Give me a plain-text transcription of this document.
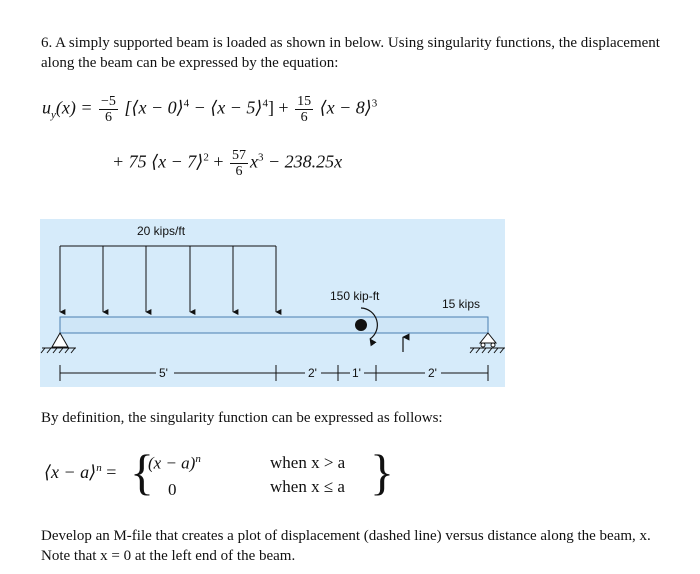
6. A simply supported beam is loaded as shown in below. Using singularity functions, the displacement along the beam can be expressed by the equation:
$u_y(x) = \frac{-5}{6}$ [⟨x − 0⟩$^4$ − ⟨x − 5⟩$^4$] + $\frac{15}{6}$ ⟨x − 8⟩$^3$
+ 75 ⟨x − 7⟩$^2$ + $\frac{57}{6} x^3 - 238.25x$
20 kips/ft
150 kip-ft
15 kips
5'	2'	1'	2'
By definition, the singularity function can be expressed as follows:
⟨x − a⟩$^n$ = {
$(x - a)^n$
0
when x > a
when x ≤ a }
Develop an M-file that creates a plot of displacement (dashed line) versus distance along the beam, x. Note that x = 0 at the left end of the beam.
